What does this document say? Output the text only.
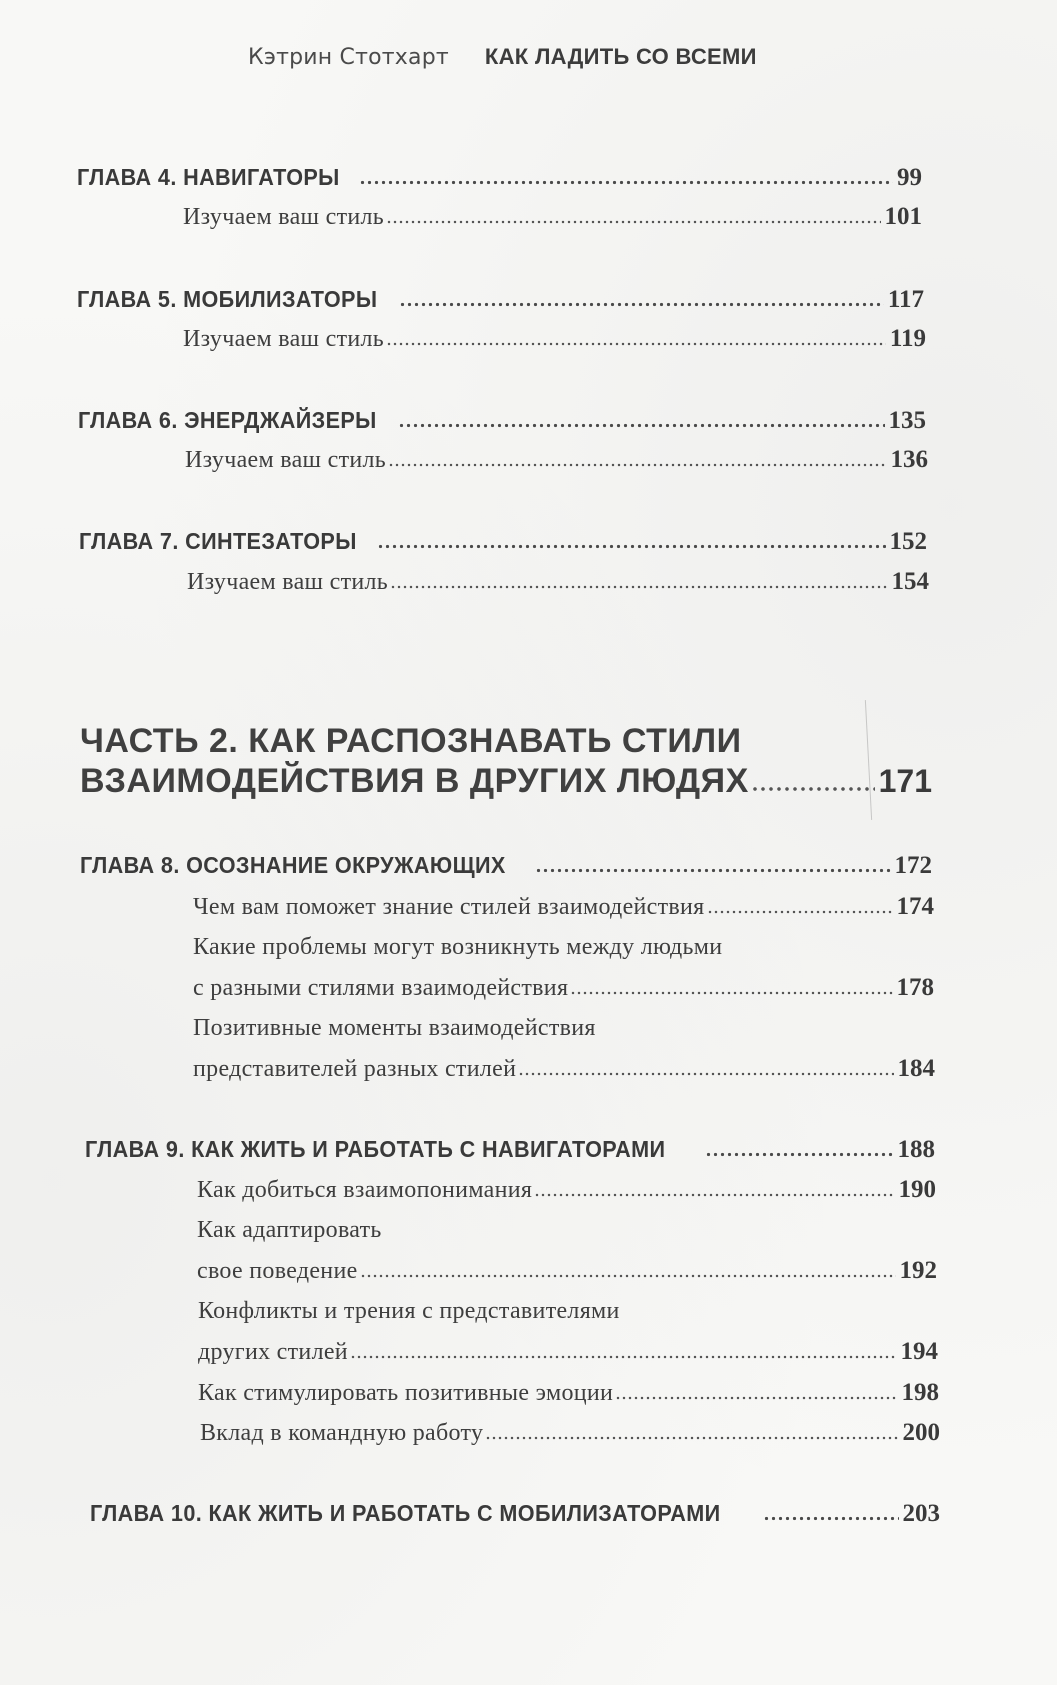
Кэтрин Стотхарт КАК ЛАДИТЬ СО ВСЕМИ
ГЛАВА 4. НАВИГАТОРЫ	99
Изучаем ваш стиль	101
ГЛАВА 5. МОБИЛИЗАТОРЫ	117
Изучаем ваш стиль	119
ГЛАВА 6. ЭНЕРДЖАЙЗЕРЫ	135
Изучаем ваш стиль	136
ГЛАВА 7. СИНТЕЗАТОРЫ	152
Изучаем ваш стиль	154
ЧАСТЬ 2. КАК РАСПОЗНАВАТЬ СТИЛИ
ВЗАИМОДЕЙСТВИЯ В ДРУГИХ ЛЮДЯХ	171
ГЛАВА 8. ОСОЗНАНИЕ ОКРУЖАЮЩИХ	172
Чем вам поможет знание стилей взаимодействия	174
Какие проблемы могут возникнуть между людьми
с разными стилями взаимодействия	178
Позитивные моменты взаимодействия
представителей разных стилей	184
ГЛАВА 9. КАК ЖИТЬ И РАБОТАТЬ С НАВИГАТОРАМИ	188
Как добиться взаимопонимания	190
Как адаптировать
свое поведение	192
Конфликты и трения с представителями
других стилей	194
Как стимулировать позитивные эмоции	198
Вклад в командную работу	200
ГЛАВА 10. КАК ЖИТЬ И РАБОТАТЬ С МОБИЛИЗАТОРАМИ	203
